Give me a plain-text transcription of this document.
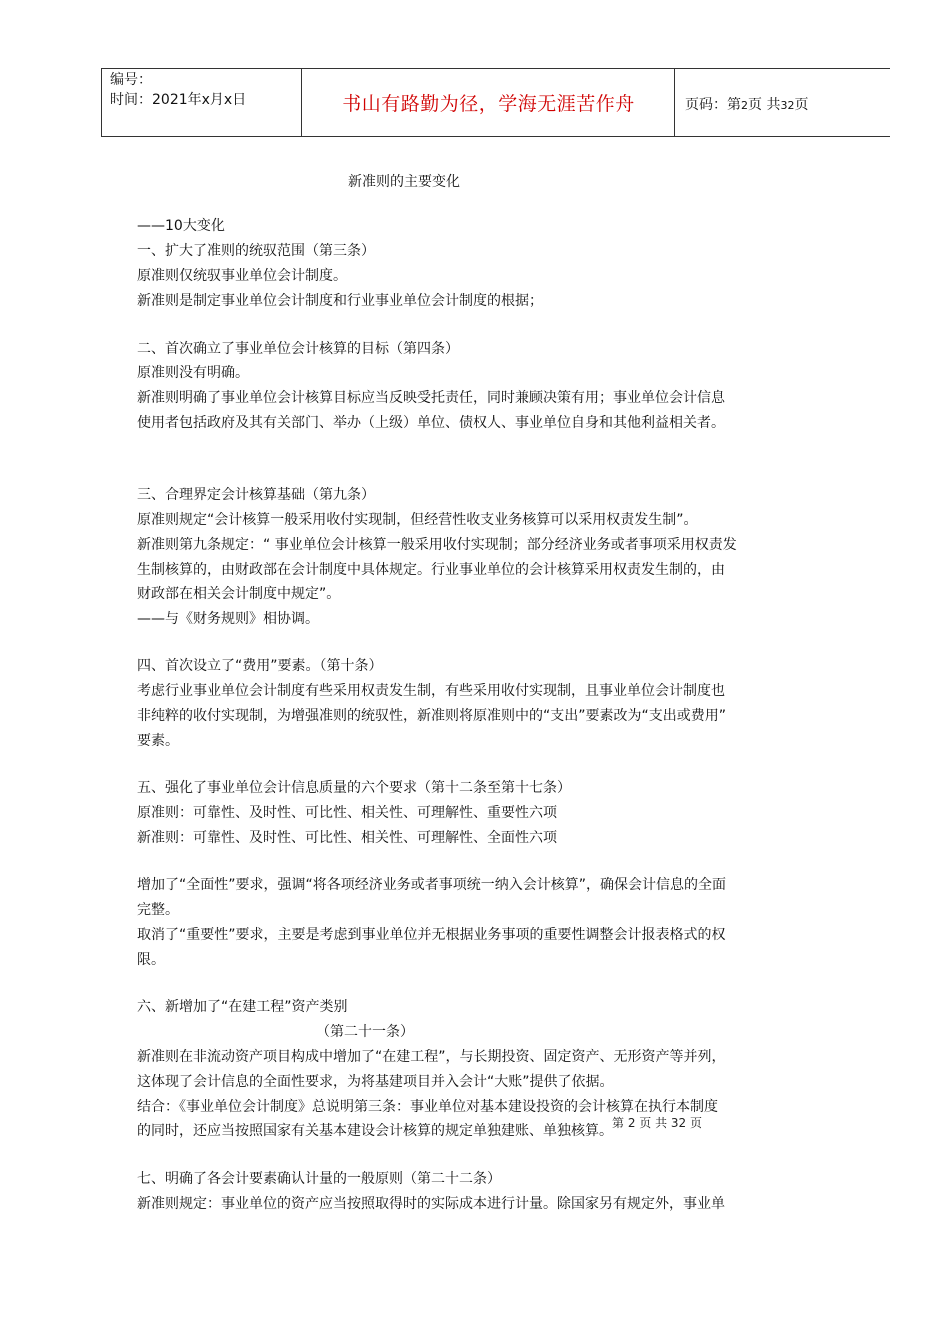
编号：
时间：2021年x月x日	书山有路勤为径，学海无涯苦作舟	页码：第2页 共32页
新准则的主要变化
——10大变化
一、扩大了准则的统驭范围（第三条）
原准则仅统驭事业单位会计制度。
新准则是制定事业单位会计制度和行业事业单位会计制度的根据；
二、首次确立了事业单位会计核算的目标（第四条）
原准则没有明确。
新准则明确了事业单位会计核算目标应当反映受托责任，同时兼顾决策有用；事业单位会计信息
使用者包括政府及其有关部门、举办（上级）单位、债权人、事业单位自身和其他利益相关者。
三、合理界定会计核算基础（第九条）
原准则规定“会计核算一般采用收付实现制，但经营性收支业务核算可以采用权责发生制”。
新准则第九条规定：“ 事业单位会计核算一般采用收付实现制；部分经济业务或者事项采用权责发
生制核算的，由财政部在会计制度中具体规定。行业事业单位的会计核算采用权责发生制的，由
财政部在相关会计制度中规定”。
——与《财务规则》相协调。
四、首次设立了“费用”要素。（第十条）
考虑行业事业单位会计制度有些采用权责发生制，有些采用收付实现制，且事业单位会计制度也
非纯粹的收付实现制，为增强准则的统驭性，新准则将原准则中的“支出”要素改为“支出或费用”
要素。
五、强化了事业单位会计信息质量的六个要求（第十二条至第十七条）
原准则：可靠性、及时性、可比性、相关性、可理解性、重要性六项
新准则：可靠性、及时性、可比性、相关性、可理解性、全面性六项
增加了“全面性”要求，强调“将各项经济业务或者事项统一纳入会计核算”，确保会计信息的全面
完整。
取消了“重要性”要求，主要是考虑到事业单位并无根据业务事项的重要性调整会计报表格式的权
限。
六、新增加了“在建工程”资产类别
（第二十一条）
新准则在非流动资产项目构成中增加了“在建工程”，与长期投资、固定资产、无形资产等并列，
这体现了会计信息的全面性要求，为将基建项目并入会计“大账”提供了依据。
结合：《事业单位会计制度》总说明第三条：事业单位对基本建设投资的会计核算在执行本制度
的同时，还应当按照国家有关基本建设会计核算的规定单独建账、单独核算。
七、明确了各会计要素确认计量的一般原则（第二十二条）
新准则规定：事业单位的资产应当按照取得时的实际成本进行计量。除国家另有规定外，事业单
第 2 页 共 32 页
